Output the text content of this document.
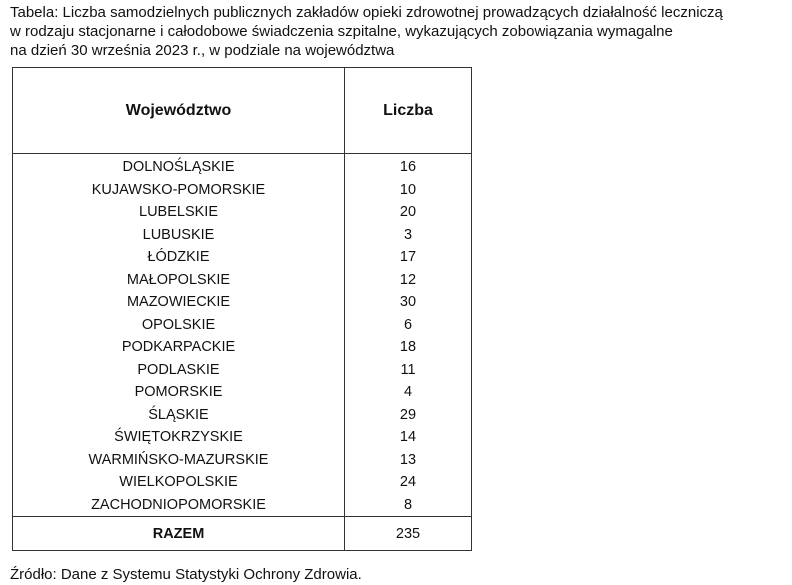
Tabela: Liczba samodzielnych publicznych zakładów opieki zdrowotnej prowadzących działalność leczniczą
w rodzaju stacjonarne i całodobowe świadczenia szpitalne, wykazujących zobowiązania wymagalne
na dzień 30 września 2023 r., w podziale na województwa
Województwo	Liczba
DOLNOŚLĄSKIE	16
KUJAWSKO-POMORSKIE	10
LUBELSKIE	20
LUBUSKIE	3
ŁÓDZKIE	17
MAŁOPOLSKIE	12
MAZOWIECKIE	30
OPOLSKIE	6
PODKARPACKIE	18
PODLASKIE	11
POMORSKIE	4
ŚLĄSKIE	29
ŚWIĘTOKRZYSKIE	14
WARMIŃSKO-MAZURSKIE	13
WIELKOPOLSKIE	24
ZACHODNIOPOMORSKIE	8
RAZEM	235
Źródło: Dane z Systemu Statystyki Ochrony Zdrowia.
